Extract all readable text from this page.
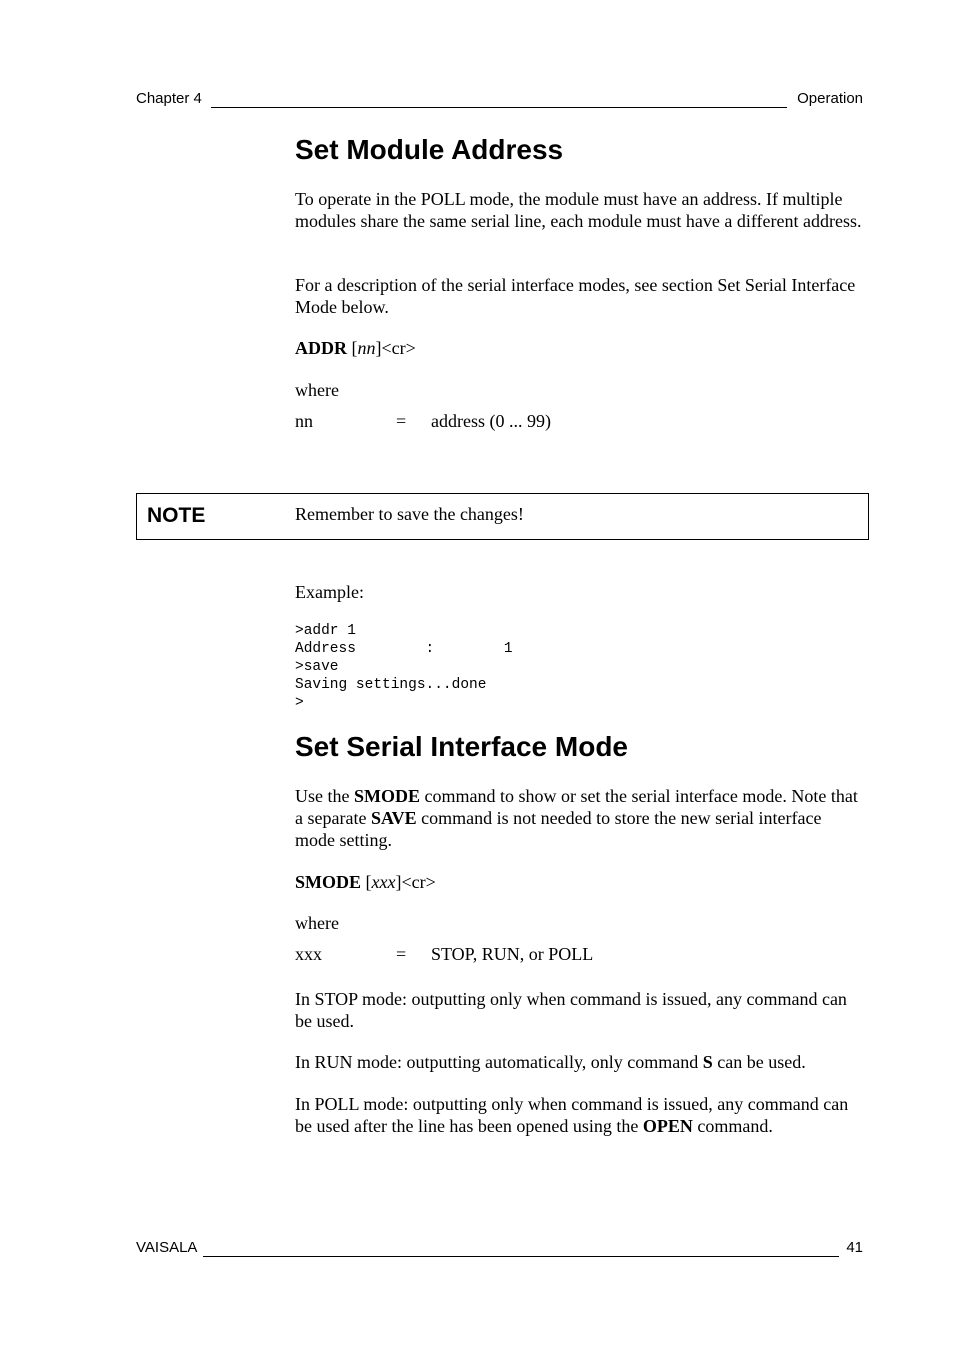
Chapter 4	Operation
Set Module Address
To operate in the POLL mode, the module must have an address. If multiple modules share the same serial line, each module must have a different address.
For a description of the serial interface modes, see section Set Serial Interface Mode below.
ADDR [nn]<cr>
where
nn	= address (0 ... 99)
NOTE	Remember to save the changes!
Example:
>addr 1
Address        :        1
>save
Saving settings...done
>
Set Serial Interface Mode
Use the SMODE command to show or set the serial interface mode. Note that a separate SAVE command is not needed to store the new serial interface mode setting.
SMODE [xxx]<cr>
where
xxx	= STOP, RUN, or POLL
In STOP mode: outputting only when command is issued, any command can be used.
In RUN mode: outputting automatically, only command S can be used.
In POLL mode: outputting only when command is issued, any command can be used after the line has been opened using the OPEN command.
VAISALA	41
